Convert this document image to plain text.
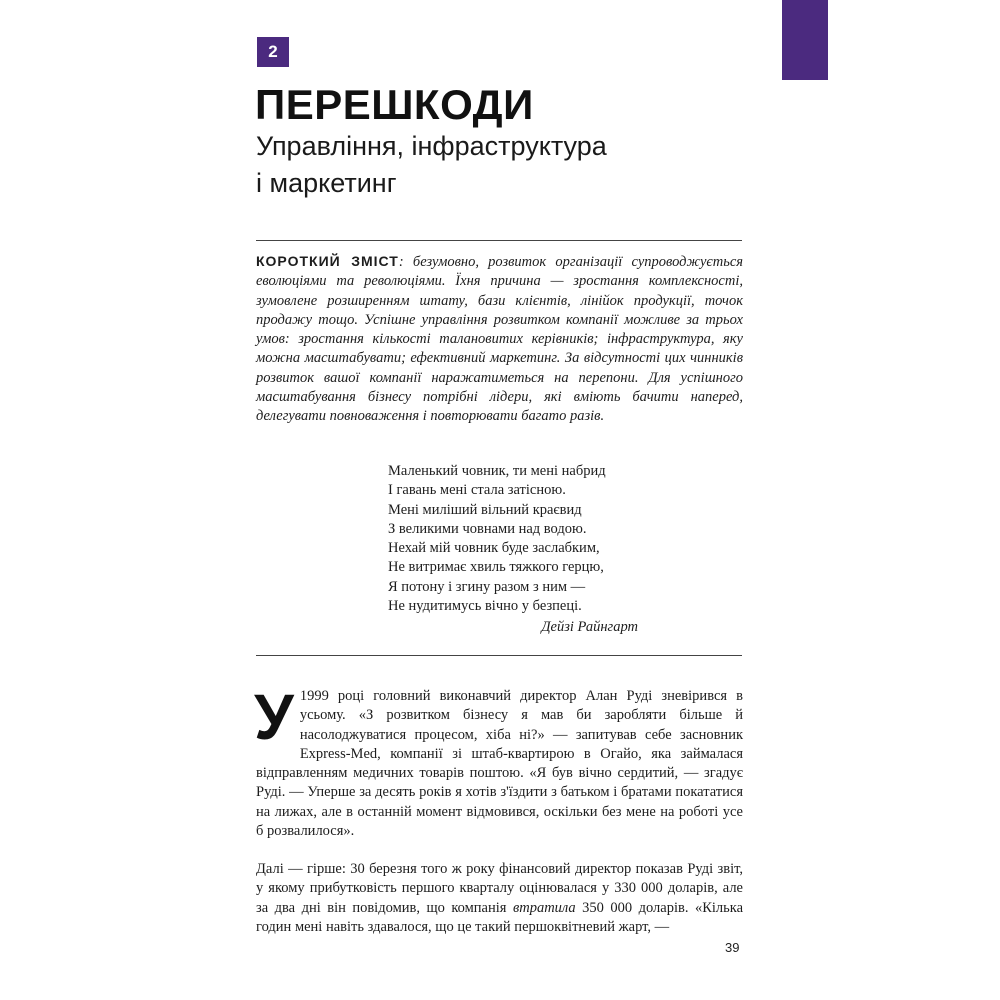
2
ПЕРЕШКОДИ
Управління, інфраструктура
і маркетинг
КОРОТКИЙ ЗМІСТ: безумовно, розвиток організації супроводжується еволюціями та революціями. Їхня причина — зростання комплексності, зумовлене розширенням штату, бази клієнтів, лінійок продукції, точок продажу тощо. Успішне управління розвитком компанії можливе за трьох умов: зростання кількості талановитих керівників; інфраструктура, яку можна масштабувати; ефективний маркетинг. За відсутності цих чинників розвиток вашої компанії наражатиметься на перепони. Для успішного масштабування бізнесу потрібні лідери, які вміють бачити наперед, делегувати повноваження і повторювати багато разів.
Маленький човник, ти мені набрид
І гавань мені стала затісною.
Мені миліший вільний краєвид
З великими човнами над водою.
Нехай мій човник буде заслабким,
Не витримає хвиль тяжкого герцю,
Я потону і згину разом з ним —
Не нудитимусь вічно у безпеці.
Дейзі Райнгарт

У 1999 році головний виконавчий директор Алан Руді зневірився в усьому. «З розвитком бізнесу я мав би заробляти більше й насолоджуватися процесом, хіба ні?» — запитував себе засновник Express-Med, компанії зі штаб-квартирою в Огайо, яка займалася відправленням медичних товарів поштою. «Я був вічно сердитий, — згадує Руді. — Уперше за десять років я хотів з'їздити з батьком і братами покататися на лижах, але в останній момент відмовився, оскільки без мене на роботі усе б розвалилося».

Далі — гірше: 30 березня того ж року фінансовий директор показав Руді звіт, у якому прибутковість першого кварталу оцінювалася у 330 000 доларів, але за два дні він повідомив, що компанія втратила 350 000 доларів. «Кілька годин мені навіть здавалося, що це такий першоквітневий жарт, —

39
